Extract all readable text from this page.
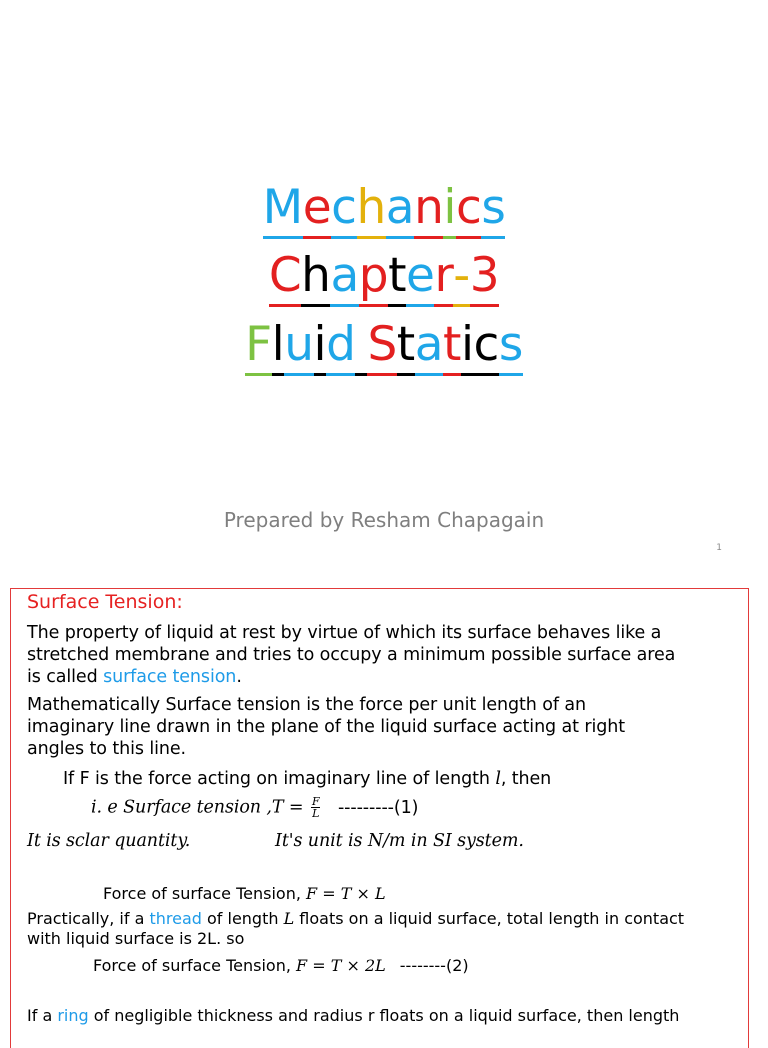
Mechanics
Chapter-3
Fluid Statics
Prepared by Resham Chapagain
1
Surface Tension:
The property of liquid at rest by virtue of which its surface behaves like a
stretched membrane and tries to occupy a minimum possible surface area
is called surface tension.
Mathematically Surface tension is the force per unit length of an
imaginary line drawn in the plane of the liquid surface acting at right
angles to this line.
If F is the force acting on imaginary line of length l, then
i. e Surface tension $,T = \frac{F}{L} ---------(1)$
It is sclar quantity.	It's unit is N/m in SI system.
Force of surface Tension, F = T × L
Practically, if a thread of length L floats on a liquid surface, total length in contact
with liquid surface is 2L. so
Force of surface Tension, F = T × 2L --------(2)
If a ring of negligible thickness and radius r floats on a liquid surface, then length
